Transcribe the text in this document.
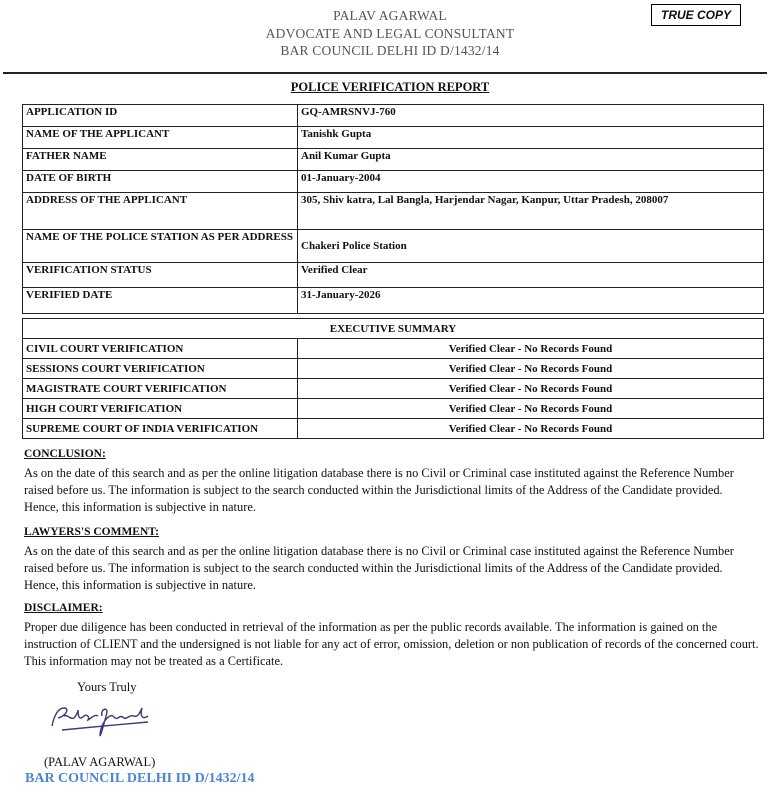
PALAV AGARWAL
ADVOCATE AND LEGAL CONSULTANT
BAR COUNCIL DELHI ID D/1432/14
TRUE COPY
POLICE VERIFICATION REPORT
APPLICATION ID	GQ-AMRSNVJ-760
NAME OF THE APPLICANT	Tanishk Gupta
FATHER NAME	Anil Kumar Gupta
DATE OF BIRTH	01-January-2004
ADDRESS OF THE APPLICANT	305, Shiv katra, Lal Bangla, Harjendar Nagar, Kanpur, Uttar Pradesh, 208007
NAME OF THE POLICE STATION AS PER ADDRESS	Chakeri Police Station
VERIFICATION STATUS	Verified Clear
VERIFIED DATE	31-January-2026
EXECUTIVE SUMMARY	
CIVIL COURT VERIFICATION	Verified Clear - No Records Found
SESSIONS COURT VERIFICATION	Verified Clear - No Records Found
MAGISTRATE COURT VERIFICATION	Verified Clear - No Records Found
HIGH COURT VERIFICATION	Verified Clear - No Records Found
SUPREME COURT OF INDIA VERIFICATION	Verified Clear - No Records Found
CONCLUSION:

As on the date of this search and as per the online litigation database there is no Civil or Criminal case instituted against the Reference Number raised before us. The information is subject to the search conducted within the Jurisdictional limits of the Address of the Candidate provided. Hence, this information is subjective in nature.

LAWYERS'S COMMENT:

As on the date of this search and as per the online litigation database there is no Civil or Criminal case instituted against the Reference Number raised before us. The information is subject to the search conducted within the Jurisdictional limits of the Address of the Candidate provided. Hence, this information is subjective in nature.

DISCLAIMER:

Proper due diligence has been conducted in retrieval of the information as per the public records available. The information is gained on the instruction of CLIENT and the undersigned is not liable for any act of error, omission, deletion or non publication of records of the concerned court. This information may not be treated as a Certificate.

Yours Truly
(PALAV AGARWAL)
BAR COUNCIL DELHI ID D/1432/14
